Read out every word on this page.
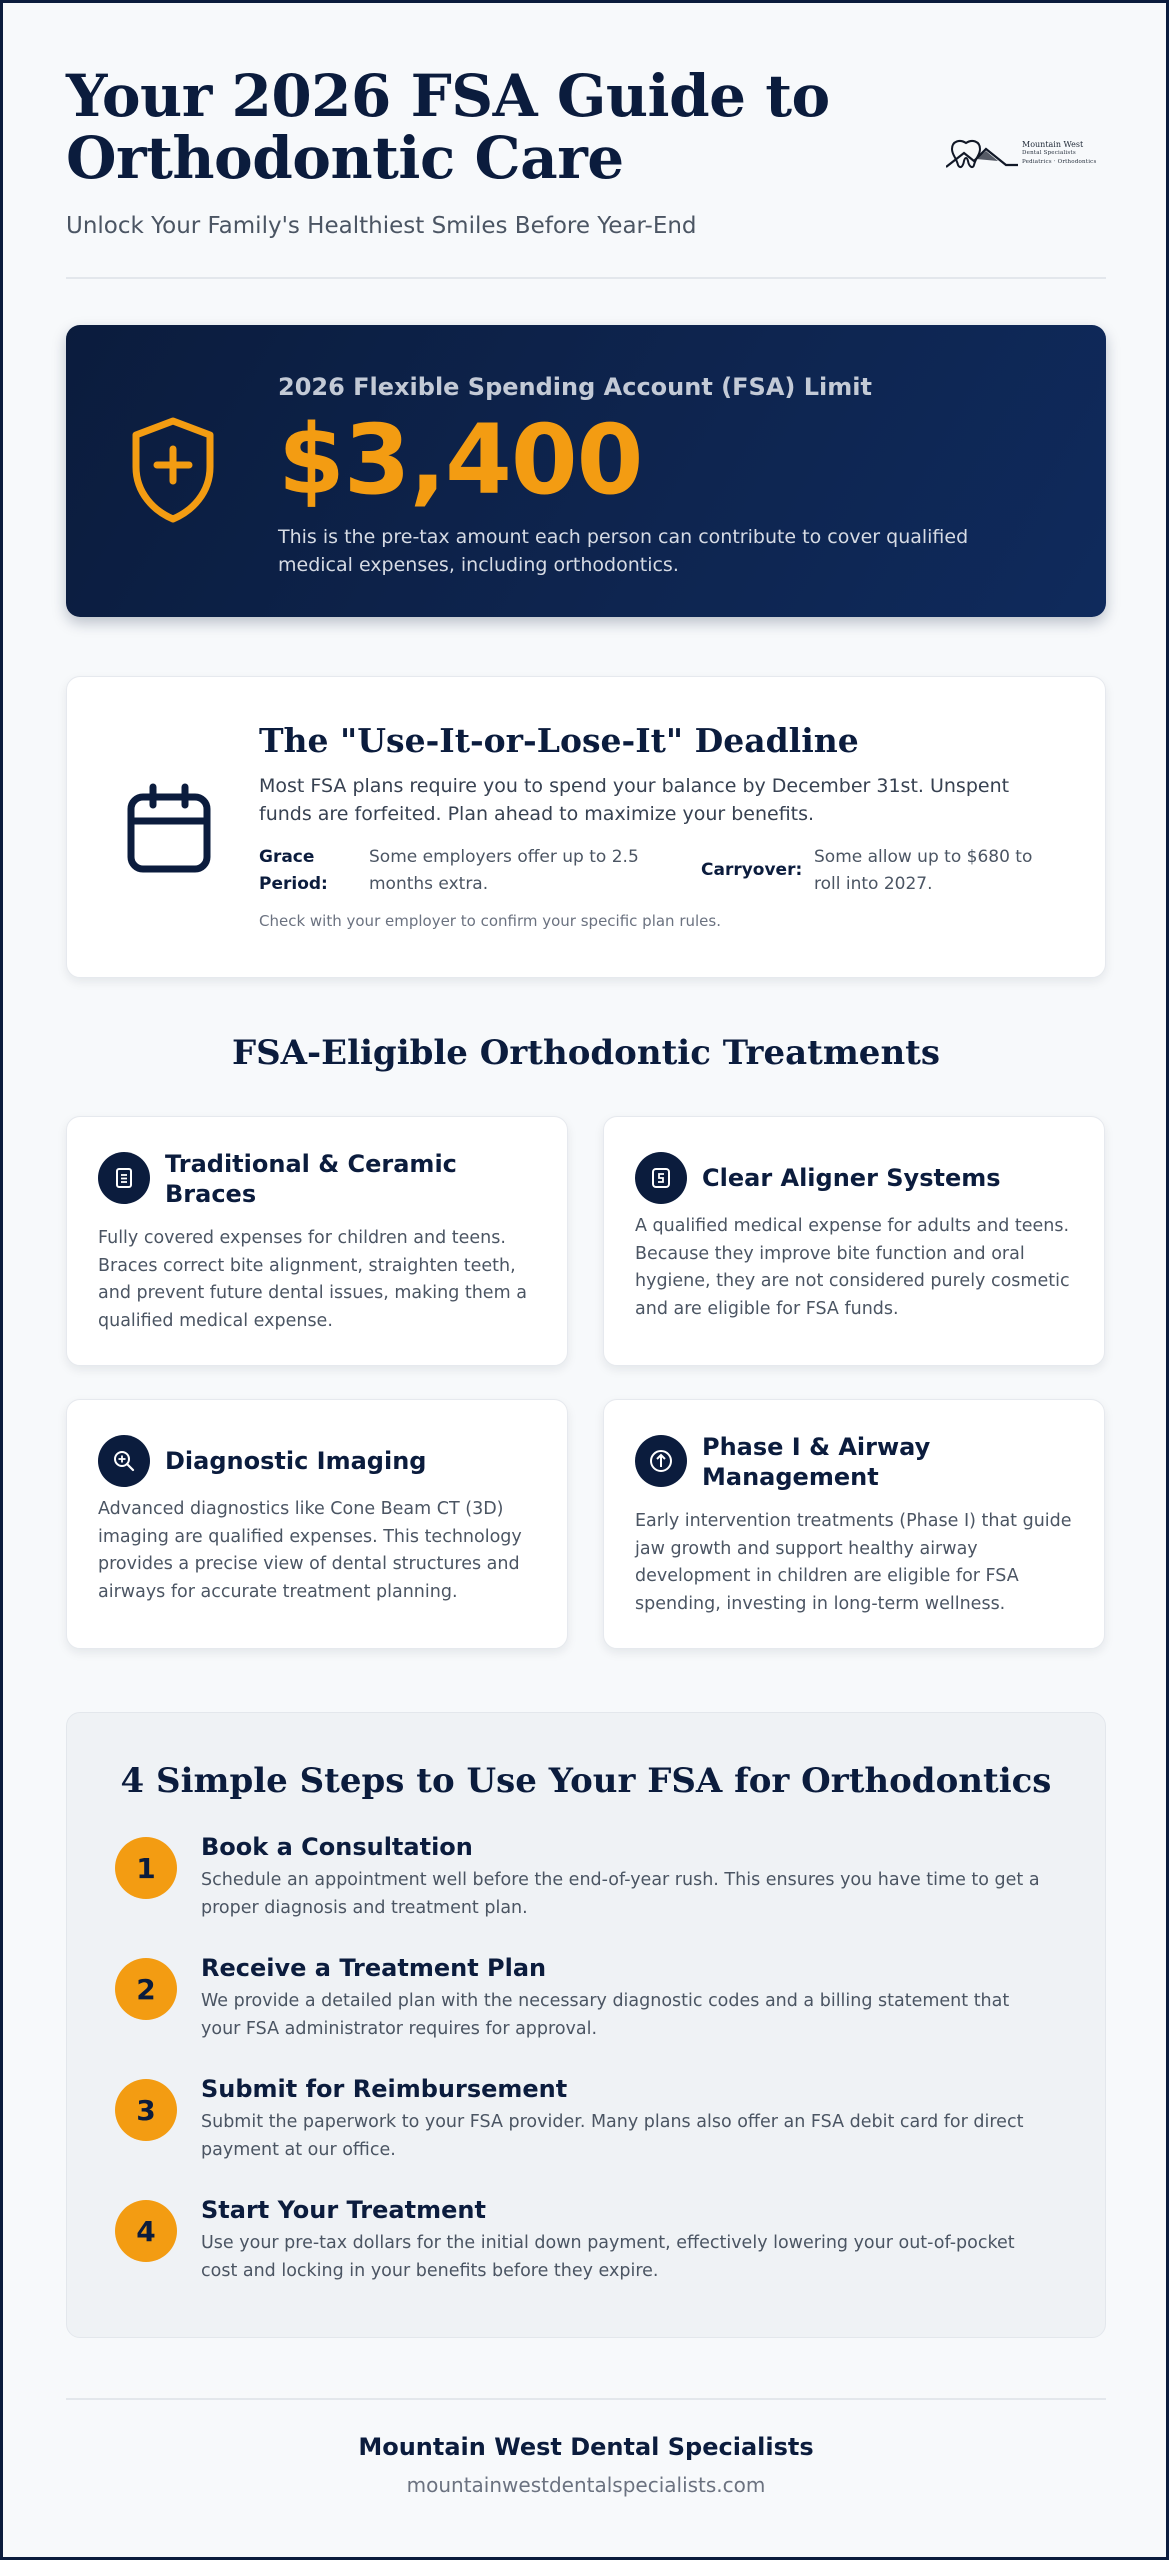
Your 2026 FSA Guide to
Orthodontic Care

Unlock Your Family's Healthiest Smiles Before Year-End

Mountain West
Dental Specialists
Pediatrics · Orthodontics
2026 Flexible Spending Account (FSA) Limit
$3,400
This is the pre-tax amount each person can contribute to cover qualified medical expenses, including orthodontics.
The "Use-It-or-Lose-It" Deadline
Most FSA plans require you to spend your balance by December 31st. Unspent funds are forfeited. Plan ahead to maximize your benefits.
Grace
Period:
Some employers offer up to 2.5
months extra.
Carryover:
Some allow up to $680 to
roll into 2027.
Check with your employer to confirm your specific plan rules.
FSA-Eligible Orthodontic Treatments
Traditional & Ceramic Braces
Fully covered expenses for children and teens. Braces correct bite alignment, straighten teeth, and prevent future dental issues, making them a qualified medical expense.
Clear Aligner Systems
A qualified medical expense for adults and teens. Because they improve bite function and oral hygiene, they are not considered purely cosmetic and are eligible for FSA funds.
Diagnostic Imaging
Advanced diagnostics like Cone Beam CT (3D) imaging are qualified expenses. This technology provides a precise view of dental structures and airways for accurate treatment planning.
Phase I & Airway Management
Early intervention treatments (Phase I) that guide jaw growth and support healthy airway development in children are eligible for FSA spending, investing in long-term wellness.
4 Simple Steps to Use Your FSA for Orthodontics
1
Book a Consultation
Schedule an appointment well before the end-of-year rush. This ensures you have time to get a proper diagnosis and treatment plan.
2
Receive a Treatment Plan
We provide a detailed plan with the necessary diagnostic codes and a billing statement that your FSA administrator requires for approval.
3
Submit for Reimbursement
Submit the paperwork to your FSA provider. Many plans also offer an FSA debit card for direct payment at our office.
4
Start Your Treatment
Use your pre-tax dollars for the initial down payment, effectively lowering your out-of-pocket cost and locking in your benefits before they expire.
Mountain West Dental Specialists
mountainwestdentalspecialists.com
